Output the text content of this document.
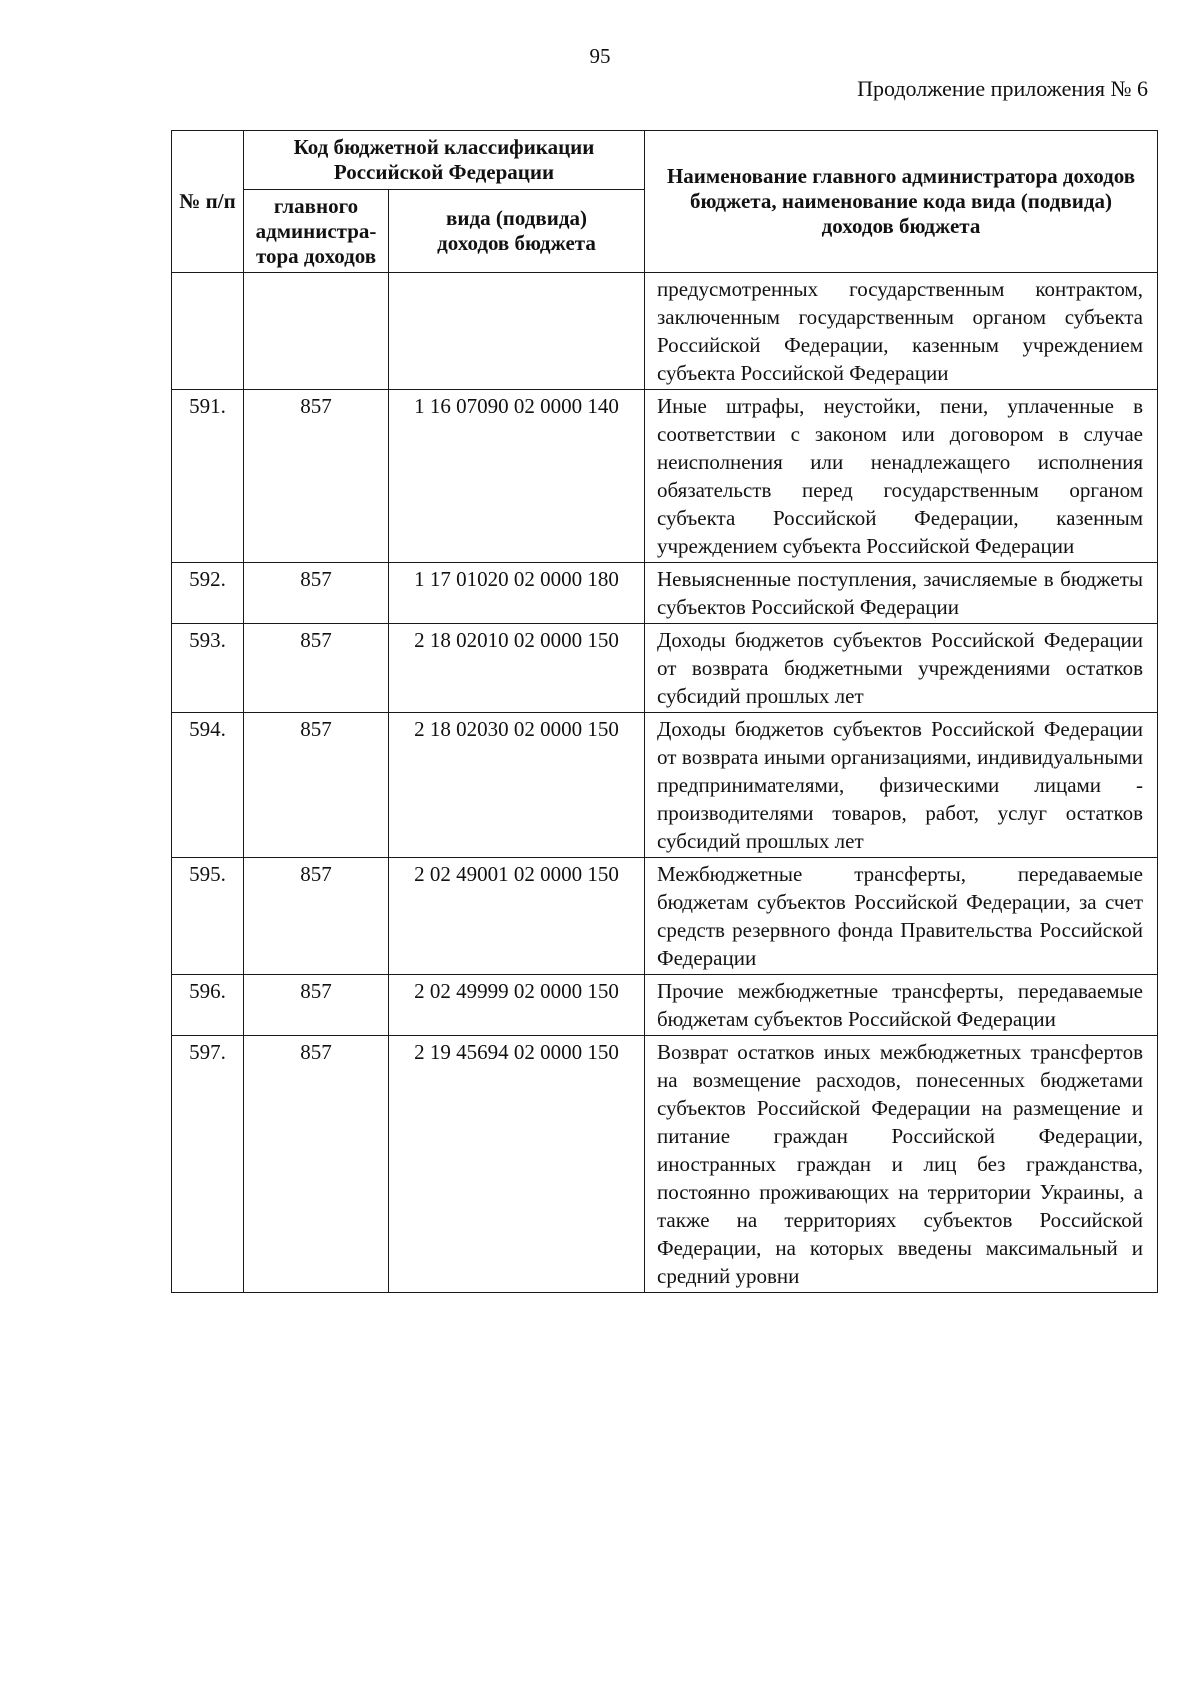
95
Продолжение приложения № 6
№ п/п	Код бюджетной классификации Российской Федерации		Наименование главного администратора доходов бюджета, наименование кода вида (подвида) доходов бюджета
	главного администра-тора доходов	вида (подвида) доходов бюджета	
			предусмотренных государственным контрактом, заключенным государственным органом субъекта Российской Федерации, казенным учреждением субъекта Российской Федерации
591.	857	1 16 07090 02 0000 140	Иные штрафы, неустойки, пени, уплаченные в соответствии с законом или договором в случае неисполнения или ненадлежащего исполнения обязательств перед государственным органом субъекта Российской Федерации, казенным учреждением субъекта Российской Федерации
592.	857	1 17 01020 02 0000 180	Невыясненные поступления, зачисляемые в бюджеты субъектов Российской Федерации
593.	857	2 18 02010 02 0000 150	Доходы бюджетов субъектов Российской Федерации от возврата бюджетными учреждениями остатков субсидий прошлых лет
594.	857	2 18 02030 02 0000 150	Доходы бюджетов субъектов Российской Федерации от возврата иными организациями, индивидуальными предпринимателями, физическими лицами - производителями товаров, работ, услуг остатков субсидий прошлых лет
595.	857	2 02 49001 02 0000 150	Межбюджетные трансферты, передаваемые бюджетам субъектов Российской Федерации, за счет средств резервного фонда Правительства Российской Федерации
596.	857	2 02 49999 02 0000 150	Прочие межбюджетные трансферты, передаваемые бюджетам субъектов Российской Федерации
597.	857	2 19 45694 02 0000 150	Возврат остатков иных межбюджетных трансфертов на возмещение расходов, понесенных бюджетами субъектов Российской Федерации на размещение и питание граждан Российской Федерации, иностранных граждан и лиц без гражданства, постоянно проживающих на территории Украины, а также на территориях субъектов Российской Федерации, на которых введены максимальный и средний уровни
